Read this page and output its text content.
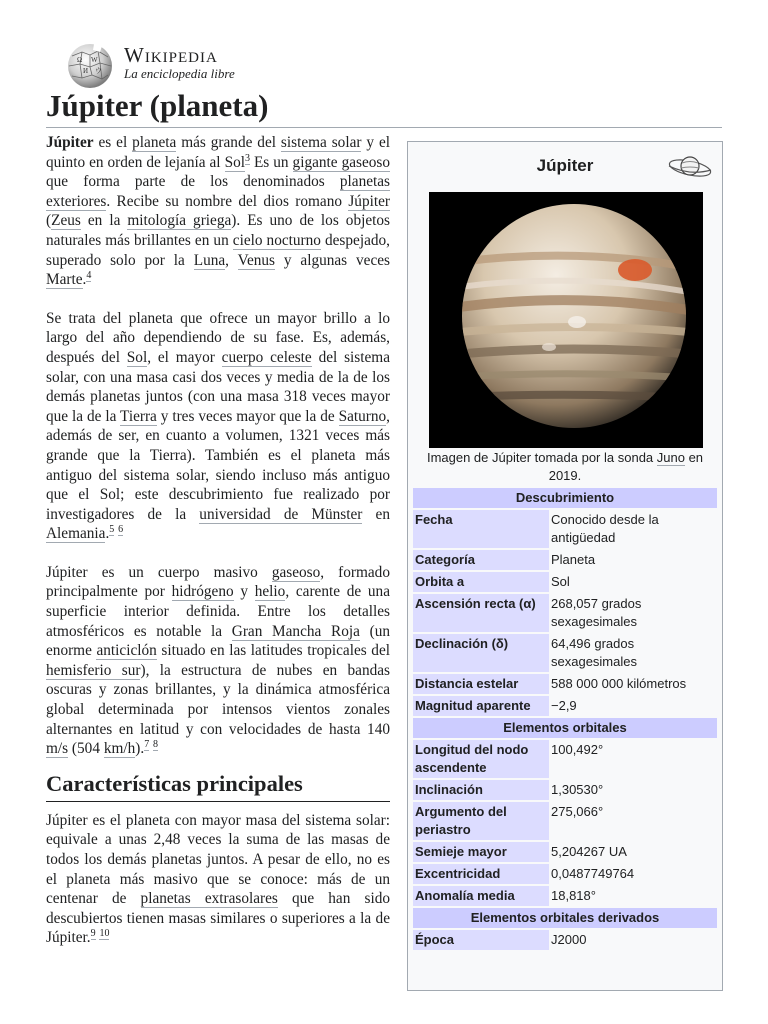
Ω W
И ウ
Wikipedia
La enciclopedia libre
Júpiter (planeta)

Júpiter es el planeta más grande del sistema solar y el quinto en orden de lejanía al Sol$^3$ Es un gigante gaseoso que forma parte de los denominados planetas exteriores. Recibe su nombre del dios romano Júpiter (Zeus en la mitología griega). Es uno de los objetos naturales más brillantes en un cielo nocturno despejado, superado solo por la Luna, Venus y algunas veces Marte.$^4$

Se trata del planeta que ofrece un mayor brillo a lo largo del año dependiendo de su fase. Es, además, después del Sol, el mayor cuerpo celeste del sistema solar, con una masa casi dos veces y media de la de los demás planetas juntos (con una masa 318 veces mayor que la de la Tierra y tres veces mayor que la de Saturno, además de ser, en cuanto a volumen, 1321 veces más grande que la Tierra). También es el planeta más antiguo del sistema solar, siendo incluso más antiguo que el Sol; este descubrimiento fue realizado por investigadores de la universidad de Münster en Alemania.$^5$ $^6$

Júpiter es un cuerpo masivo gaseoso, formado principalmente por hidrógeno y helio, carente de una superficie interior definida. Entre los detalles atmosféricos es notable la Gran Mancha Roja (un enorme anticiclón situado en las latitudes tropicales del hemisferio sur), la estructura de nubes en bandas oscuras y zonas brillantes, y la dinámica atmosférica global determinada por intensos vientos zonales alternantes en latitud y con velocidades de hasta 140 m/s (504 km/h).$^7$ $^8$

Características principales

Júpiter es el planeta con mayor masa del sistema solar: equivale a unas 2,48 veces la suma de las masas de todos los demás planetas juntos. A pesar de ello, no es el planeta más masivo que se conoce: más de un centenar de planetas extrasolares que han sido descubiertos tienen masas similares o superiores a la de Júpiter.$^9$ $^{10}$

Júpiter
Imagen de Júpiter tomada por la sonda Juno en 2019.
Descubrimiento	
Fecha	Conocido desde la antigüedad
Categoría	Planeta
Orbita a	Sol
Ascensión recta (α)	268,057 grados sexagesimales
Declinación (δ)	64,496 grados sexagesimales
Distancia estelar	588 000 000 kilómetros
Magnitud aparente	−2,9
Elementos orbitales	
Longitud del nodo ascendente	100,492°
Inclinación	1,30530°
Argumento del periastro	275,066°
Semieje mayor	5,204267 UA
Excentricidad	0,0487749764
Anomalía media	18,818°
Elementos orbitales derivados	
Época	J2000
